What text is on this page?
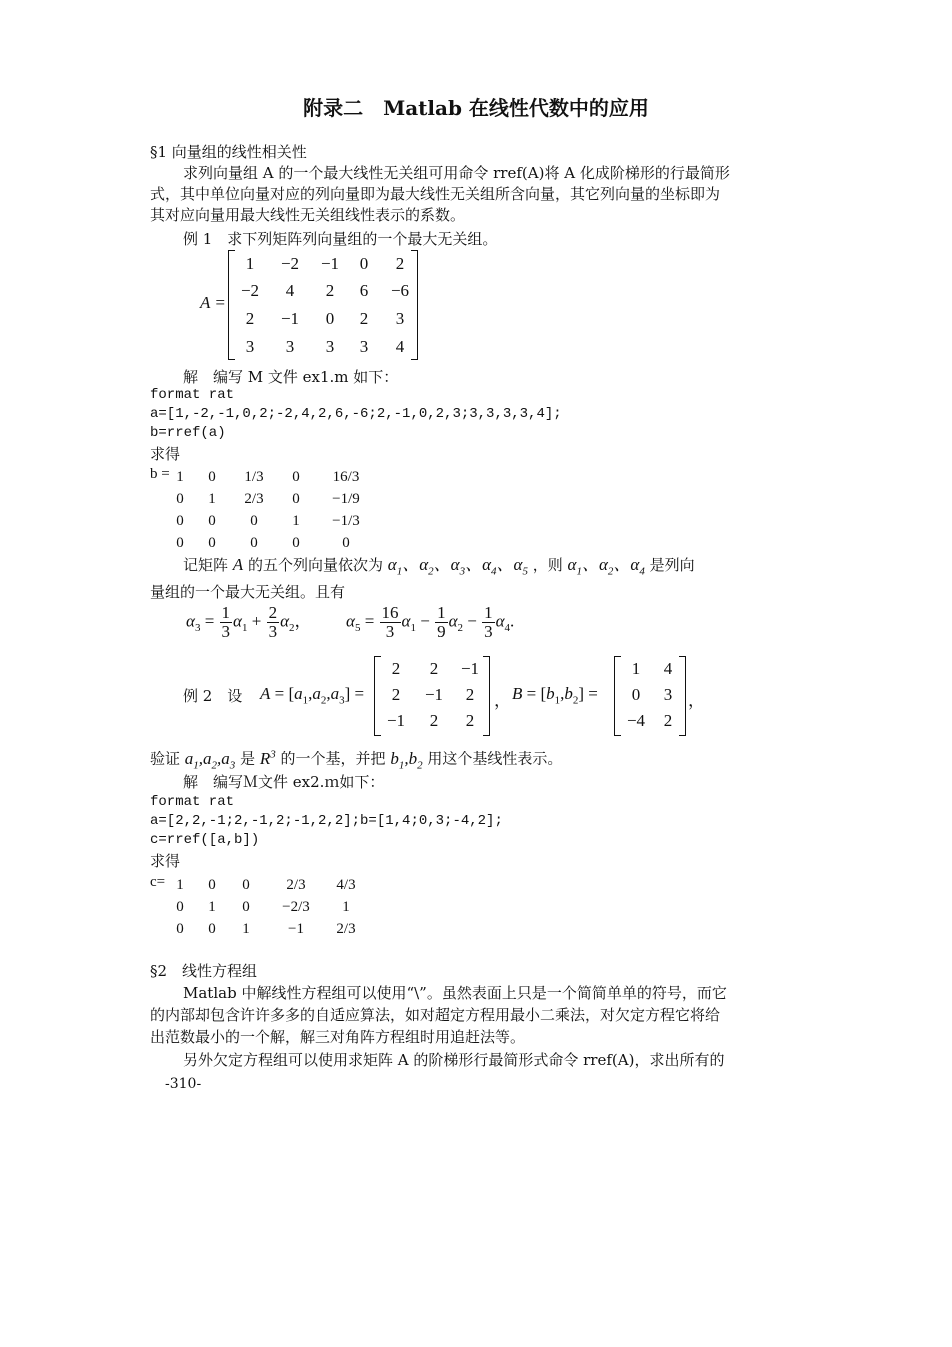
附录二　Matlab 在线性代数中的应用
§1 向量组的线性相关性
求列向量组 A 的一个最大线性无关组可用命令 rref(A)将 A 化成阶梯形的行最简形
式，其中单位向量对应的列向量即为最大线性无关组所含向量，其它列向量的坐标即为
其对应向量用最大线性无关组线性表示的系数。
例 1　求下列矩阵列向量组的一个最大无关组。
A =
1	−2	−1	0	2
−2	4	2	6	−6
2	−1	0	2	3
3	3	3	3	4
解　编写 M 文件 ex1.m 如下：
format rat
a=[1,-2,-1,0,2;-2,4,2,6,-6;2,-1,0,2,3;3,3,3,3,4];
b=rref(a)
求得
b = 1	0	1/3	0	16/3
0	1	2/3	0	−1/9
0	0	0	1	−1/3
0	0	0	0	0
记矩阵 A 的五个列向量依次为 $\alpha_1$、$\alpha_2$、$\alpha_3$、$\alpha_4$、$\alpha_5$ ，则 $\alpha_1$、$\alpha_2$、$\alpha_4$ 是列向
量组的一个最大无关组。且有
$\alpha_3 = \frac{1}{3} \alpha_1 + \frac{2}{3} \alpha_2$， $\alpha_5 = \frac{16}{3} \alpha_1 - \frac{1}{9} \alpha_2 - \frac{1}{3} \alpha_4$.
例 2　设 $A = [a_1,a_2,a_3]$ =
2	2	−1
2	−1	2
−1	2	2
， $B = [b_1,b_2]$ =
1	4
0	3
−4	2
，
验证 $a_1,a_2,a_3$ 是 $R^3$ 的一个基，并把 $b_1,b_2$ 用这个基线性表示。
解　编写Ｍ文件 ex2.ｍ如下：
format rat
a=[2,2,-1;2,-1,2;-1,2,2];b=[1,4;0,3;-4,2];
c=rref([a,b])
求得
c= 1	0	0	2/3	4/3
0	1	0	−2/3	1
0	0	1	−1	2/3
§2　线性方程组
Matlab 中解线性方程组可以使用“\”。虽然表面上只是一个简简单单的符号，而它
的内部却包含许许多多的自适应算法，如对超定方程用最小二乘法，对欠定方程它将给
出范数最小的一个解，解三对角阵方程组时用追赶法等。
另外欠定方程组可以使用求矩阵 A 的阶梯形行最简形式命令 rref(A)，求出所有的
-310-
